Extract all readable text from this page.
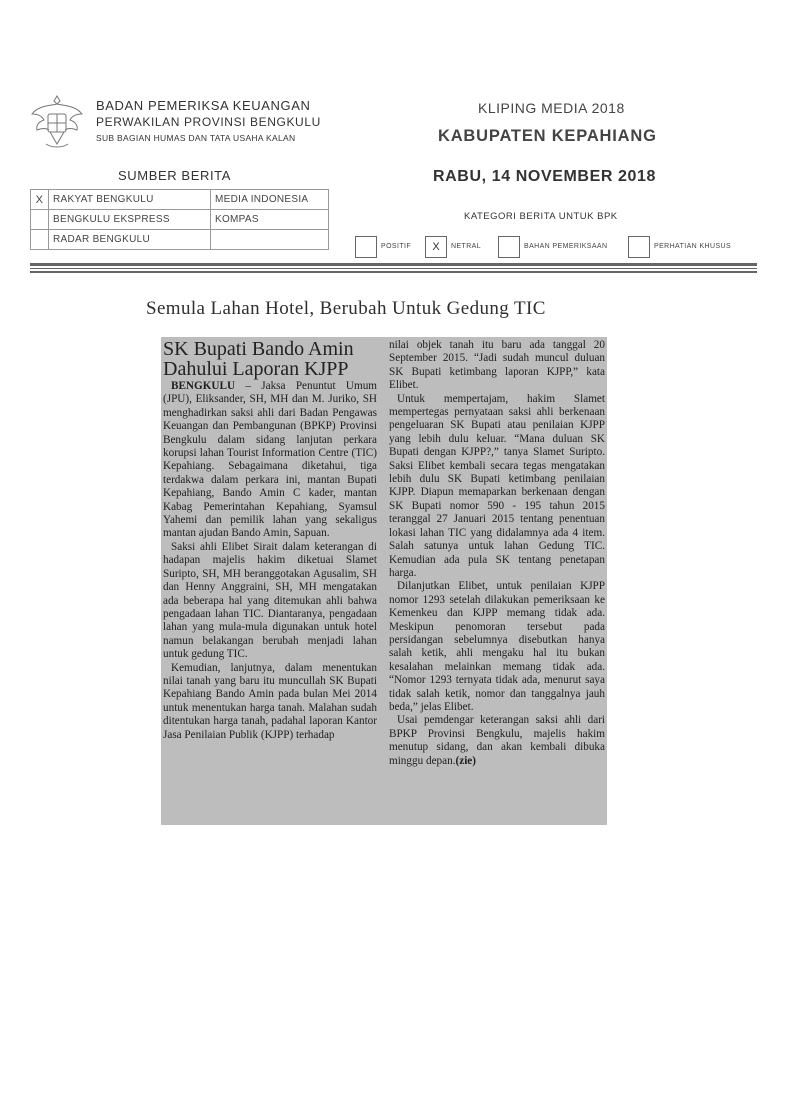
BADAN PEMERIKSA KEUANGAN
PERWAKILAN PROVINSI BENGKULU
SUB BAGIAN HUMAS DAN TATA USAHA KALAN
KLIPING MEDIA 2018
KABUPATEN KEPAHIANG
RABU, 14 NOVEMBER 2018
SUMBER BERITA
X	RAKYAT BENGKULU	MEDIA INDONESIA
	BENGKULU EKSPRESS	KOMPAS
	RADAR BENGKULU	
KATEGORI BERITA UNTUK BPK
POSITIF	X	NETRAL	BAHAN PEMERIKSAAN	PERHATIAN KHUSUS
Semula Lahan Hotel, Berubah Untuk Gedung TIC
SK Bupati Bando Amin
Dahului Laporan KJPP

BENGKULU – Jaksa Penuntut Umum (JPU), Eliksander, SH, MH dan M. Juriko, SH menghadirkan saksi ahli dari Badan Pengawas Keuangan dan Pembangunan (BPKP) Provinsi Bengkulu dalam sidang lanjutan perkara korupsi lahan Tourist Information Centre (TIC) Kepahiang. Sebagaimana diketahui, tiga terdakwa dalam perkara ini, mantan Bupati Kepahiang, Bando Amin C kader, mantan Kabag Pemerintahan Kepahiang, Syamsul Yahemi dan pemilik lahan yang sekaligus mantan ajudan Bando Amin, Sapuan.

Saksi ahli Elibet Sirait dalam keterangan di hadapan majelis hakim diketuai Slamet Suripto, SH, MH beranggotakan Agusalim, SH dan Henny Anggraini, SH, MH mengatakan ada beberapa hal yang ditemukan ahli bahwa pengadaan lahan TIC. Diantaranya, pengadaan lahan yang mula-mula digunakan untuk hotel namun belakangan berubah menjadi lahan untuk gedung TIC.

Kemudian, lanjutnya, dalam menentukan nilai tanah yang baru itu muncullah SK Bupati Kepahiang Bando Amin pada bulan Mei 2014 untuk menentukan harga tanah. Malahan sudah ditentukan harga tanah, padahal laporan Kantor Jasa Penilaian Publik (KJPP) terhadap

nilai objek tanah itu baru ada tanggal 20 September 2015. “Jadi sudah muncul duluan SK Bupati ketimbang laporan KJPP,” kata Elibet.

Untuk mempertajam, hakim Slamet mempertegas pernyataan saksi ahli berkenaan pengeluaran SK Bupati atau penilaian KJPP yang lebih dulu keluar. “Mana duluan SK Bupati dengan KJPP?,” tanya Slamet Suripto. Saksi Elibet kembali secara tegas mengatakan lebih dulu SK Bupati ketimbang penilaian KJPP. Diapun memaparkan berkenaan dengan SK Bupati nomor 590 - 195 tahun 2015 teranggal 27 Januari 2015 tentang penentuan lokasi lahan TIC yang didalamnya ada 4 item. Salah satunya untuk lahan Gedung TIC. Kemudian ada pula SK tentang penetapan harga.

Dilanjutkan Elibet, untuk penilaian KJPP nomor 1293 setelah dilakukan pemeriksaan ke Kemenkeu dan KJPP memang tidak ada. Meskipun penomoran tersebut pada persidangan sebelumnya disebutkan hanya salah ketik, ahli mengaku hal itu bukan kesalahan melainkan memang tidak ada. “Nomor 1293 ternyata tidak ada, menurut saya tidak salah ketik, nomor dan tanggalnya jauh beda,” jelas Elibet.

Usai pemdengar keterangan saksi ahli dari BPKP Provinsi Bengkulu, majelis hakim menutup sidang, dan akan kembali dibuka minggu depan.(zie)
